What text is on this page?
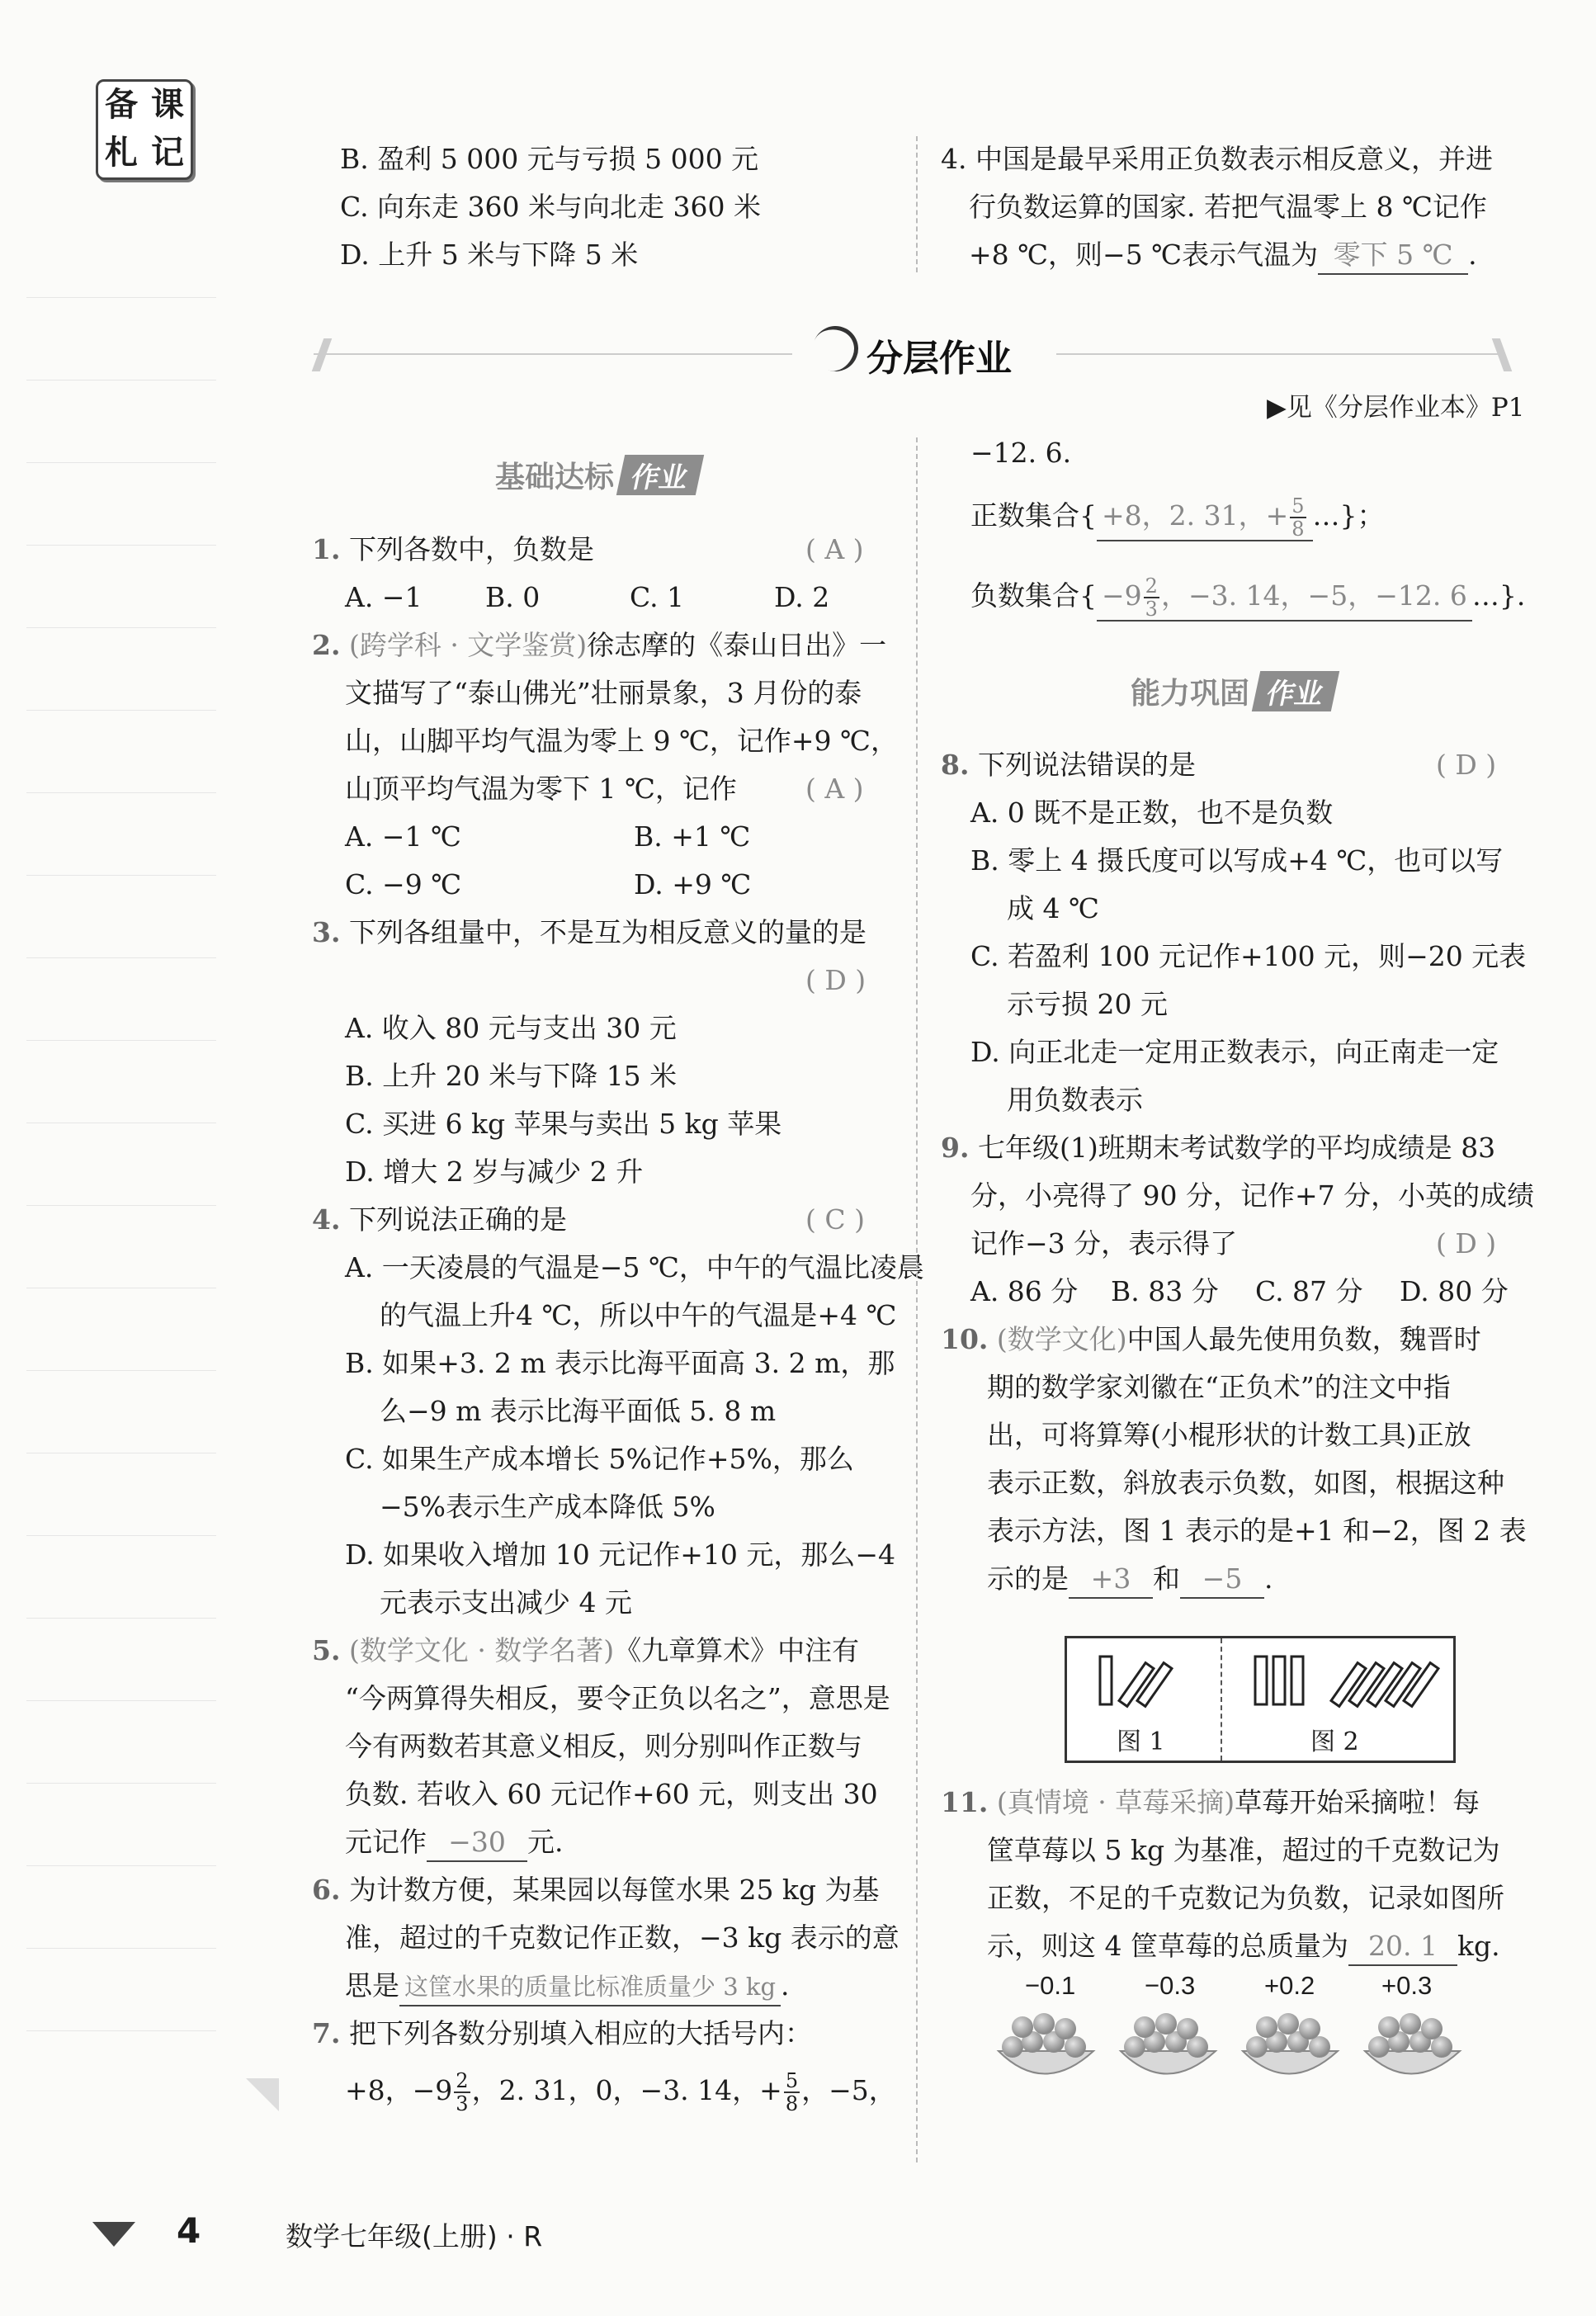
备 课
札 记	B. 盈利 5 000 元与亏损 5 000 元
C. 向东走 360 米与向北走 360 米
D. 上升 5 米与下降 5 米
4. 中国是最早采用正负数表示相反意义，并进
行负数运算的国家. 若把气温零上 8 ℃记作
+8 ℃，则−5 ℃表示气温为 零下 5 ℃ .
分层作业
▶见《分层作业本》P1
基础达标 作业
1. 下列各数中，负数是	( A )
A. −1 B. 0	C. 1	D. 2
2. (跨学科 · 文学鉴赏)徐志摩的《泰山日出》一
文描写了“泰山佛光”壮丽景象，3 月份的泰
山，山脚平均气温为零上 9 ℃，记作+9 ℃，
山顶平均气温为零下 1 ℃，记作	( A )
A. −1 ℃	B. +1 ℃
C. −9 ℃	D. +9 ℃
3. 下列各组量中，不是互为相反意义的量的是
( D )

A. 收入 80 元与支出 30 元
B. 上升 20 米与下降 15 米
C. 买进 6 kg 苹果与卖出 5 kg 苹果
D. 增大 2 岁与减少 2 升
4. 下列说法正确的是	( C )
A. 一天凌晨的气温是−5 ℃，中午的气温比凌晨
的气温上升4 ℃，所以中午的气温是+4 ℃
B. 如果+3. 2 m 表示比海平面高 3. 2 m，那
么−9 m 表示比海平面低 5. 8 m
C. 如果生产成本增长 5%记作+5%，那么
−5%表示生产成本降低 5%
D. 如果收入增加 10 元记作+10 元，那么−4
元表示支出减少 4 元
5. (数学文化 · 数学名著)《九章算术》中注有
“今两算得失相反，要令正负以名之”，意思是
今有两数若其意义相反，则分别叫作正数与
负数. 若收入 60 元记作+60 元，则支出 30
元记作 −30 元.
6. 为计数方便，某果园以每筐水果 25 kg 为基
准，超过的千克数记作正数，−3 kg 表示的意
思是 这筐水果的质量比标准质量少 3 kg .
7. 把下列各数分别填入相应的大括号内：
+8，$-9 \frac{2}{3}$ ，2. 31，0，−3. 14，+ $\frac{5}{8}$ ，−5，
−12. 6.
正数集合{ +8，2. 31，+ $\frac{5}{8}$ …}；
负数集合{ $-9 \frac{2}{3}$ ，−3. 14，−5，−12. 6 …}.
能力巩固 作业
8. 下列说法错误的是	( D )
A. 0 既不是正数，也不是负数
B. 零上 4 摄氏度可以写成+4 ℃，也可以写
成 4 ℃
C. 若盈利 100 元记作+100 元，则−20 元表
示亏损 20 元
D. 向正北走一定用正数表示，向正南走一定
用负数表示
9. 七年级(1)班期末考试数学的平均成绩是 83
分，小亮得了 90 分，记作+7 分，小英的成绩
记作−3 分，表示得了	( D )
A. 86 分 B. 83 分 C. 87 分 D. 80 分
10. (数学文化)中国人最先使用负数，魏晋时
期的数学家刘徽在“正负术”的注文中指
出，可将算筹(小棍形状的计数工具)正放
表示正数，斜放表示负数，如图，根据这种
表示方法，图 1 表示的是+1 和−2，图 2 表
示的是 +3 和 −5 .
图 1	图 2
11. (真情境 · 草莓采摘)草莓开始采摘啦！每
筐草莓以 5 kg 为基准，超过的千克数记为
正数，不足的千克数记为负数，记录如图所
示，则这 4 筐草莓的总质量为 20. 1 kg.
−0.1	−0.3	+0.2	+0.3
4	数学七年级(上册) · R
